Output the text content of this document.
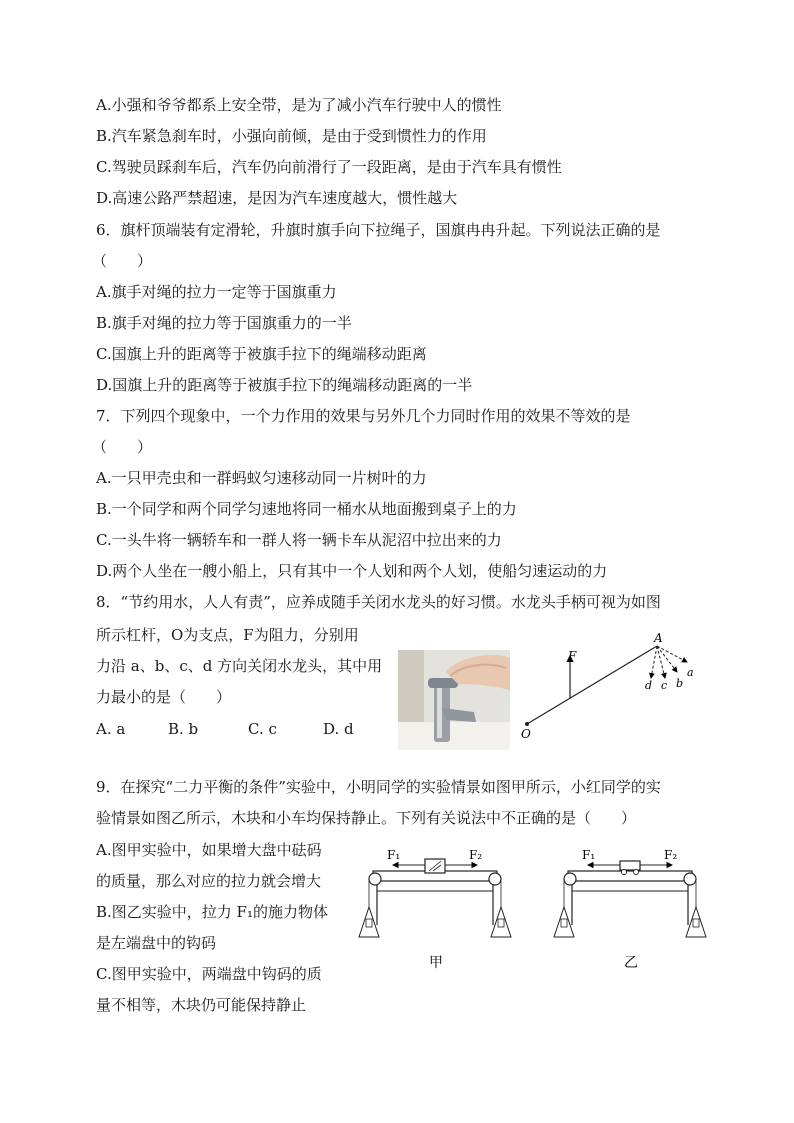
A.小强和爷爷都系上安全带，是为了减小汽车行驶中人的惯性
B.汽车紧急刹车时，小强向前倾，是由于受到惯性力的作用
C.驾驶员踩刹车后，汽车仍向前滑行了一段距离，是由于汽车具有惯性
D.高速公路严禁超速，是因为汽车速度越大，惯性越大
6．旗杆顶端装有定滑轮，升旗时旗手向下拉绳子，国旗冉冉升起。下列说法正确的是
（　　）
A.旗手对绳的拉力一定等于国旗重力
B.旗手对绳的拉力等于国旗重力的一半
C.国旗上升的距离等于被旗手拉下的绳端移动距离
D.国旗上升的距离等于被旗手拉下的绳端移动距离的一半
7．下列四个现象中，一个力作用的效果与另外几个力同时作用的效果不等效的是
（　　）
A.一只甲壳虫和一群蚂蚁匀速移动同一片树叶的力
B.一个同学和两个同学匀速地将同一桶水从地面搬到桌子上的力
C.一头牛将一辆轿车和一群人将一辆卡车从泥沼中拉出来的力
D.两个人坐在一艘小船上，只有其中一个人划和两个人划，使船匀速运动的力
8．“节约用水，人人有责”，应养成随手关闭水龙头的好习惯。水龙头手柄可视为如图
所示杠杆，O为支点，F为阻力，分别用
力沿 a、b、c、d 方向关闭水龙头，其中用
力最小的是（　　）
A. a	B. b	C. c	D. d
A
F
O
a
b
c
d
9．在探究“二力平衡的条件”实验中，小明同学的实验情景如图甲所示，小红同学的实
验情景如图乙所示，木块和小车均保持静止。下列有关说法中不正确的是（　　）
A.图甲实验中，如果增大盘中砝码
的质量，那么对应的拉力就会增大
B.图乙实验中，拉力 F₁的施力物体
是左端盘中的钩码
C.图甲实验中，两端盘中钩码的质
量不相等，木块仍可能保持静止
F₁	F₂
甲
F₁	F₂
乙
